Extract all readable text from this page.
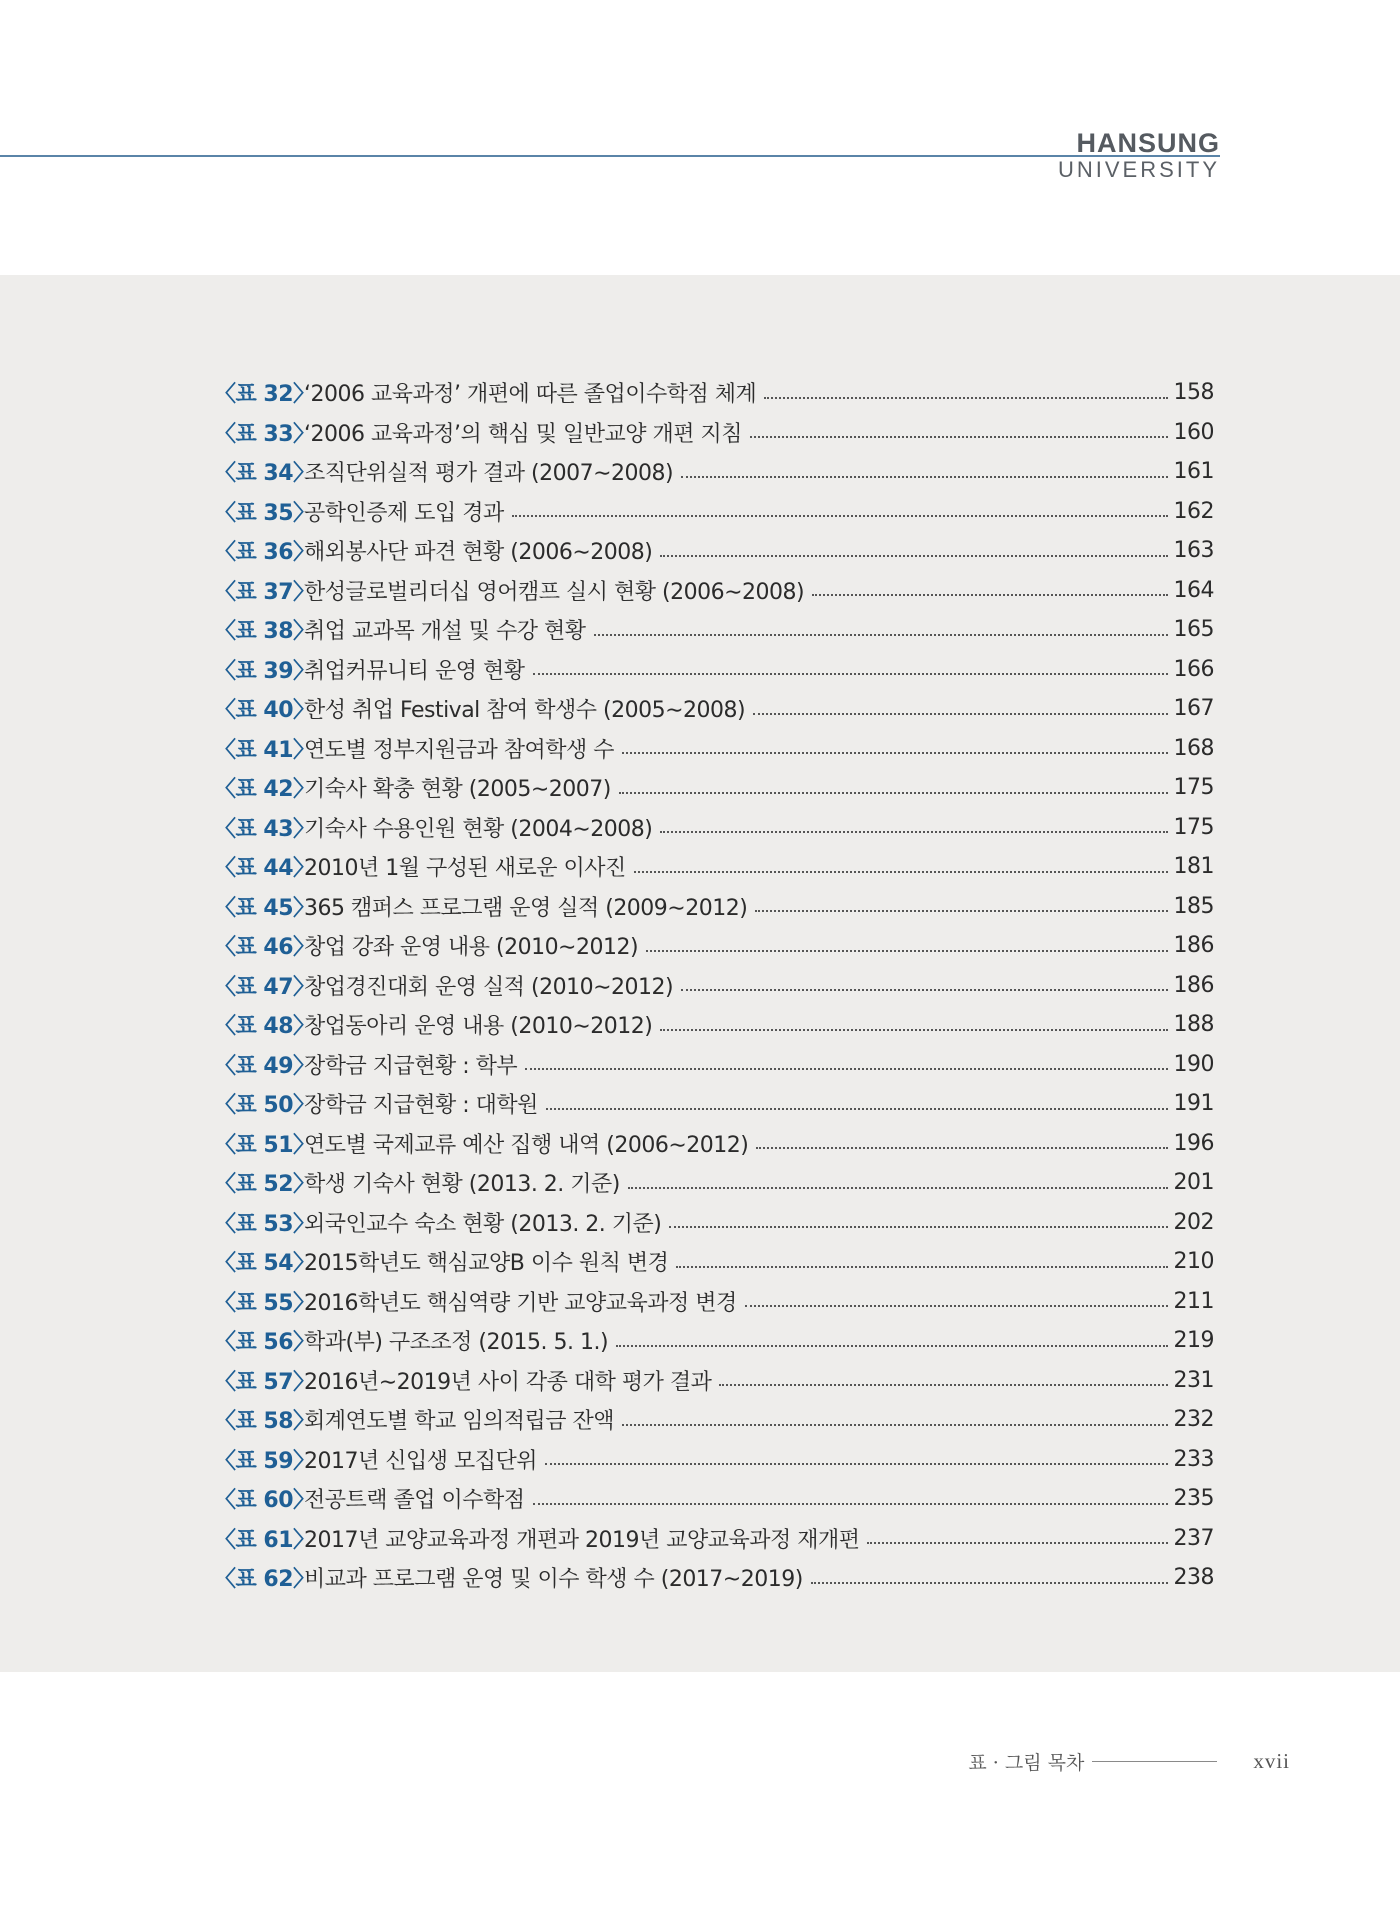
HANSUNG
UNIVERSITY
〈표 32〉
‘2006 교육과정’ 개편에 따른 졸업이수학점 체계	158
〈표 33〉
‘2006 교육과정’의 핵심 및 일반교양 개편 지침	160
〈표 34〉
조직단위실적 평가 결과 (2007∼2008)	161
〈표 35〉
공학인증제 도입 경과	162
〈표 36〉
해외봉사단 파견 현황 (2006∼2008)	163
〈표 37〉
한성글로벌리더십 영어캠프 실시 현황 (2006∼2008)	164
〈표 38〉
취업 교과목 개설 및 수강 현황	165
〈표 39〉
취업커뮤니티 운영 현황	166
〈표 40〉
한성 취업 Festival 참여 학생수 (2005∼2008)	167
〈표 41〉
연도별 정부지원금과 참여학생 수	168
〈표 42〉
기숙사 확충 현황 (2005∼2007)	175
〈표 43〉
기숙사 수용인원 현황 (2004∼2008)	175
〈표 44〉
2010년 1월 구성된 새로운 이사진	181
〈표 45〉
365 캠퍼스 프로그램 운영 실적 (2009∼2012)	185
〈표 46〉
창업 강좌 운영 내용 (2010∼2012)	186
〈표 47〉
창업경진대회 운영 실적 (2010∼2012)	186
〈표 48〉
창업동아리 운영 내용 (2010∼2012)	188
〈표 49〉
장학금 지급현황 : 학부	190
〈표 50〉
장학금 지급현황 : 대학원	191
〈표 51〉
연도별 국제교류 예산 집행 내역 (2006∼2012)	196
〈표 52〉
학생 기숙사 현황 (2013. 2. 기준)	201
〈표 53〉
외국인교수 숙소 현황 (2013. 2. 기준)	202
〈표 54〉
2015학년도 핵심교양B 이수 원칙 변경	210
〈표 55〉
2016학년도 핵심역량 기반 교양교육과정 변경	211
〈표 56〉
학과(부) 구조조정 (2015. 5. 1.)	219
〈표 57〉
2016년∼2019년 사이 각종 대학 평가 결과	231
〈표 58〉
회계연도별 학교 임의적립금 잔액	232
〈표 59〉
2017년 신입생 모집단위	233
〈표 60〉
전공트랙 졸업 이수학점	235
〈표 61〉
2017년 교양교육과정 개편과 2019년 교양교육과정 재개편	237
〈표 62〉
비교과 프로그램 운영 및 이수 학생 수 (2017~2019)	238
표 · 그림 목차	xvii
